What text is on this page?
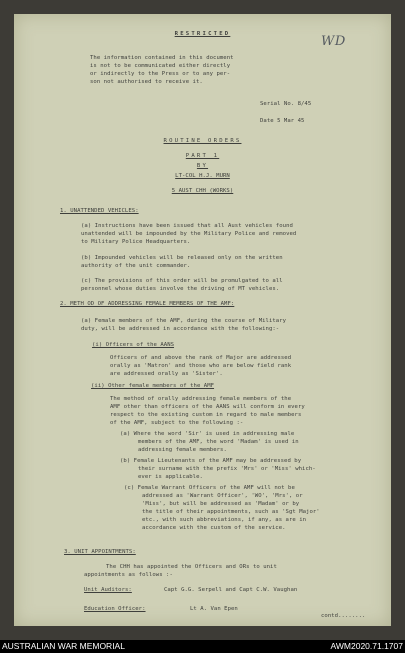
RESTRICTED	WD
The information contained in this document
is not to be communicated either directly
or indirectly to the Press or to any per-
son not authorised to receive it.
Serial No. 8/45
Date 5 Mar 45
ROUTINE ORDERS
PART 1
BY
LT-COL H.J. MURN
5 AUST CHH (WORKS)
1. UNATTENDED VEHICLES:
(a) Instructions have been issued that all Aust vehicles found
unattended will be impounded by the Military Police and removed
to Military Police Headquarters.
(b) Impounded vehicles will be released only on the written
authority of the unit commander.
(c) The provisions of this order will be promulgated to all
personnel whose duties involve the driving of MT vehicles.
2. METH OD OF ADDRESSING FEMALE MEMBERS OF THE AMF:
(a) Female members of the AMF, during the course of Military
duty, will be addressed in accordance with the following:-
(i) Officers of the AANS
Officers of and above the rank of Major are addressed
orally as 'Matron' and those who are below field rank
are addressed orally as 'Sister'.
(ii) Other female members of the AMF
The method of orally addressing female members of the
AMF other than officers of the AANS will conform in every
respect to the existing custom in regard to male members
of the AMF, subject to the following :-
(a) Where the word 'Sir' is used in addressing male
members of the AMF, the word 'Madam' is used in
addressing female members.
(b) Female Lieutenants of the AMF may be addressed by
their surname with the prefix 'Mrs' or 'Miss' which-
ever is applicable.
(c) Female Warrant Officers of the AMF will not be
addressed as 'Warrant Officer', 'WO', 'Mrs', or
'Miss', but will be addressed as 'Madam' or by
the title of their appointments, such as 'Sgt Major'
etc., with such abbreviations, if any, as are in
accordance with the custom of the service.
3. UNIT APPOINTMENTS:
The CHH has appointed the Officers and ORs to unit
appointments as follows :-
Unit Auditors:	Capt G.G. Serpell and Capt C.W. Vaughan
Education Officer:	Lt A. Van Epen
contd........
AUSTRALIAN WAR MEMORIAL	AWM2020.71.1707
